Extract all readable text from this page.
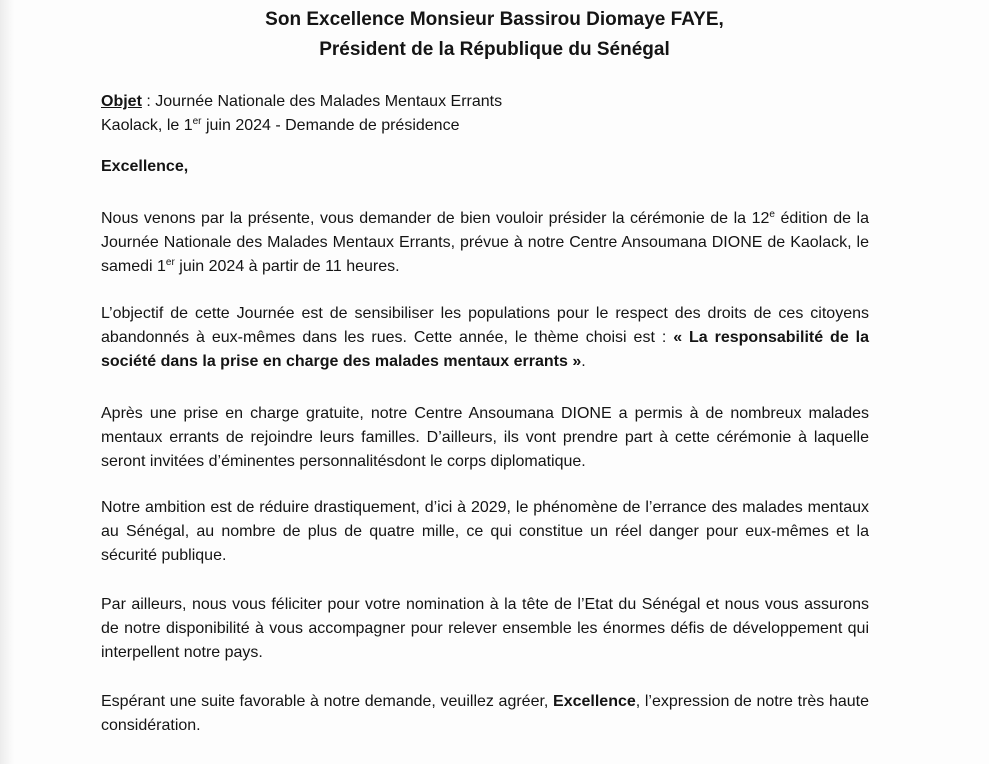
Son Excellence Monsieur Bassirou Diomaye FAYE,
Président de la République du Sénégal
Objet : Journée Nationale des Malades Mentaux Errants
Kaolack, le 1er juin 2024 - Demande de présidence
Excellence,
Nous venons par la présente, vous demander de bien vouloir présider la cérémonie de la 12e édition de la Journée Nationale des Malades Mentaux Errants, prévue à notre Centre Ansoumana DIONE de Kaolack, le samedi 1er juin 2024 à partir de 11 heures.
L’objectif de cette Journée est de sensibiliser les populations pour le respect des droits de ces citoyens abandonnés à eux-mêmes dans les rues. Cette année, le thème choisi est : « La responsabilité de la société dans la prise en charge des malades mentaux errants ».
Après une prise en charge gratuite, notre Centre Ansoumana DIONE a permis à de nombreux malades mentaux errants de rejoindre leurs familles. D’ailleurs, ils vont prendre part à cette cérémonie à laquelle seront invitées d’éminentes personnalitésdont le corps diplomatique.
Notre ambition est de réduire drastiquement, d’ici à 2029, le phénomène de l’errance des malades mentaux au Sénégal, au nombre de plus de quatre mille, ce qui constitue un réel danger pour eux-mêmes et la sécurité publique.
Par ailleurs, nous vous féliciter pour votre nomination à la tête de l’Etat du Sénégal et nous vous assurons de notre disponibilité à vous accompagner pour relever ensemble les énormes défis de développement qui interpellent notre pays.
Espérant une suite favorable à notre demande, veuillez agréer, Excellence, l’expression de notre très haute considération.
